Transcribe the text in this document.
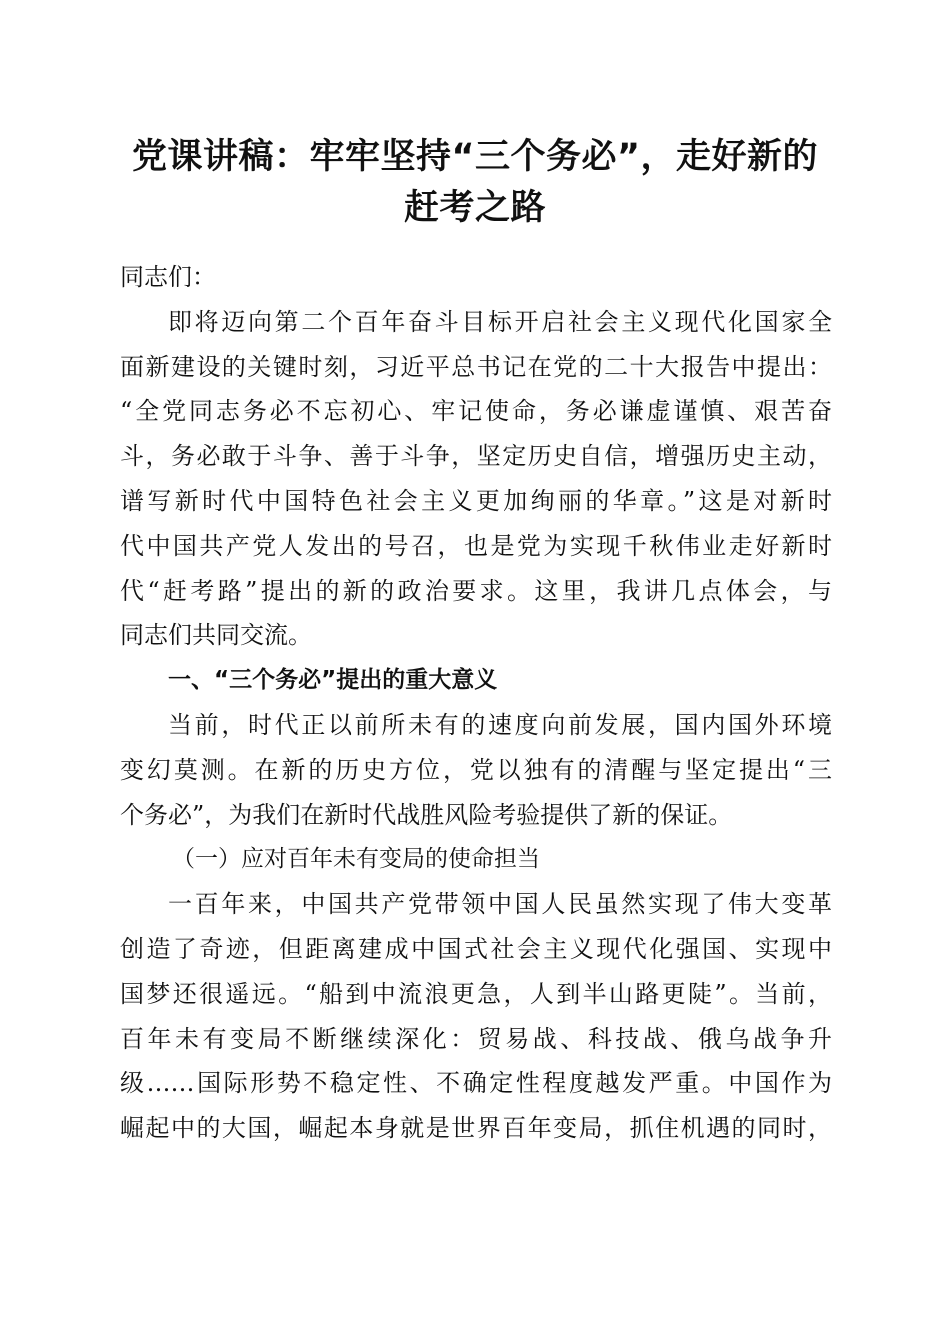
党课讲稿：牢牢坚持“三个务必”，走好新的
赶考之路
同志们：
即将迈向第二个百年奋斗目标开启社会主义现代化国家全
面新建设的关键时刻，习近平总书记在党的二十大报告中提出：
“全党同志务必不忘初心、牢记使命，务必谦虚谨慎、艰苦奋
斗，务必敢于斗争、善于斗争，坚定历史自信，增强历史主动，
谱写新时代中国特色社会主义更加绚丽的华章。”这是对新时
代中国共产党人发出的号召，也是党为实现千秋伟业走好新时
代“赶考路”提出的新的政治要求。这里，我讲几点体会，与
同志们共同交流。
一、“三个务必”提出的重大意义
当前，时代正以前所未有的速度向前发展，国内国外环境
变幻莫测。在新的历史方位，党以独有的清醒与坚定提出“三
个务必”，为我们在新时代战胜风险考验提供了新的保证。
（一）应对百年未有变局的使命担当
一百年来，中国共产党带领中国人民虽然实现了伟大变革
创造了奇迹，但距离建成中国式社会主义现代化强国、实现中
国梦还很遥远。“船到中流浪更急，人到半山路更陡”。当前，
百年未有变局不断继续深化：贸易战、科技战、俄乌战争升
级……国际形势不稳定性、不确定性程度越发严重。中国作为
崛起中的大国，崛起本身就是世界百年变局，抓住机遇的同时，
